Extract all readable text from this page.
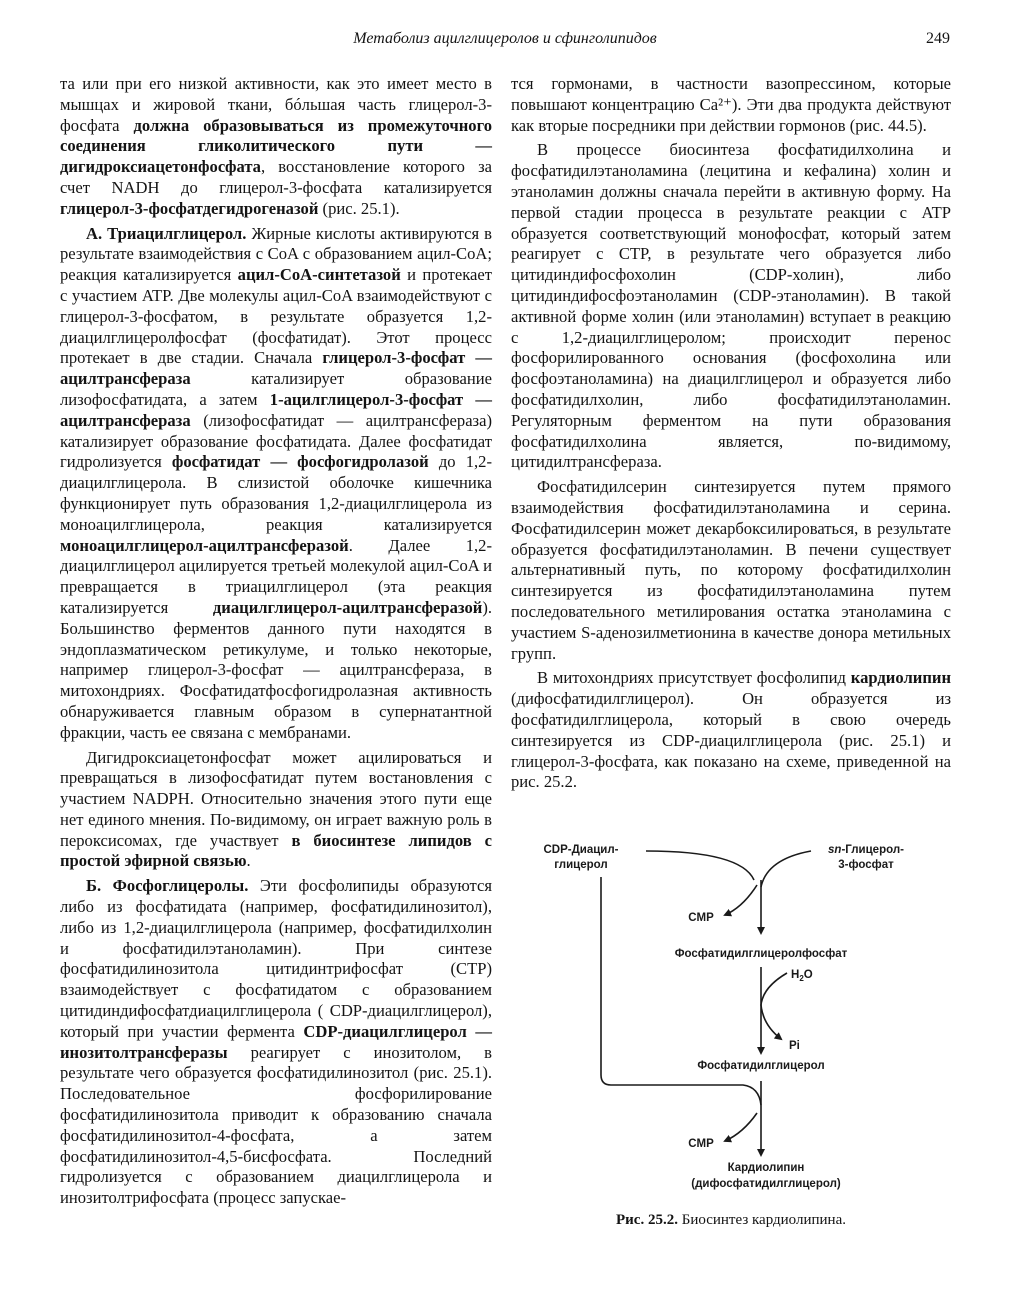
Метаболиз ацилглицеролов и сфинголипидов	249

та или при его низкой активности, как это имеет место в мышцах и жировой ткани, бóльшая часть глицерол-3-фосфата должна образовываться из промежуточного соединения гликолитического пути — дигидроксиацетонфосфата, восстановление которого за счет NADH до глицерол-3-фосфата катализируется глицерол-3-фосфатдегидрогеназой (рис. 25.1).

А. Триацилглицерол. Жирные кислоты активируются в результате взаимодействия с CoA с образованием ацил-CoA; реакция катализируется ацил-CoA-синтетазой и протекает с участием ATP. Две молекулы ацил-CoA взаимодействуют с глицерол-3-фосфатом, в результате образуется 1,2-диацилглицеролфосфат (фосфатидат). Этот процесс протекает в две стадии. Сначала глицерол-3-фосфат — ацилтрансфераза катализирует образование лизофосфатидата, а затем 1-ацилглицерол-3-фосфат — ацилтрансфераза (лизофосфатидат — ацилтрансфераза) катализирует образование фосфатидата. Далее фосфатидат гидролизуется фосфатидат — фосфогидролазой до 1,2-диацилглицерола. В слизистой оболочке кишечника функционирует путь образования 1,2-диацилглицерола из моноацилглицерола, реакция катализируется моноацилглицерол-ацилтрансферазой. Далее 1,2-диацилглицерол ацилируется третьей молекулой ацил-CoA и превращается в триацилглицерол (эта реакция катализируется диацилглицерол-ацилтрансферазой). Большинство ферментов данного пути находятся в эндоплазматическом ретикулуме, и только некоторые, например глицерол-3-фосфат — ацилтрансфераза, в митохондриях. Фосфатидатфосфогидролазная активность обнаруживается главным образом в супернатантной фракции, часть ее связана с мембранами.

Дигидроксиацетонфосфат может ацилироваться и превращаться в лизофосфатидат путем востановления с участием NADPH. Относительно значения этого пути еще нет единого мнения. По-видимому, он играет важную роль в пероксисомах, где участвует в биосинтезе липидов с простой эфирной связью.

Б. Фосфоглицеролы. Эти фосфолипиды образуются либо из фосфатидата (например, фосфатидилинозитол), либо из 1,2-диацилглицерола (например, фосфатидилхолин и фосфатидилэтаноламин). При синтезе фосфатидилинозитола цитидинтрифосфат (CTP) взаимодействует с фосфатидатом с образованием цитидиндифосфатдиацилглицерола ( CDP-диацилглицерол), который при участии фермента CDP-диацилглицерол — инозитолтрансферазы реагирует с инозитолом, в результате чего образуется фосфатидилинозитол (рис. 25.1). Последовательное фосфорилирование фосфатидилинозитола приводит к образованию сначала фосфатидилинозитол-4-фосфата, а затем фосфатидилинозитол-4,5-бисфосфата. Последний гидролизуется с образованием диацилглицерола и инозитолтрифосфата (процесс запускае-

тся гормонами, в частности вазопрессином, которые повышают концентрацию Ca²⁺). Эти два продукта действуют как вторые посредники при действии гормонов (рис. 44.5).

В процессе биосинтеза фосфатидилхолина и фосфатидилэтаноламина (лецитина и кефалина) холин и этаноламин должны сначала перейти в активную форму. На первой стадии процесса в результате реакции с ATP образуется соответствующий монофосфат, который затем реагирует с CTP, в результате чего образуется либо цитидиндифосфохолин (CDP-холин), либо цитидиндифосфоэтаноламин (CDP-этаноламин). В такой активной форме холин (или этаноламин) вступает в реакцию с 1,2-диацилглицеролом; происходит перенос фосфорилированного основания (фосфохолина или фосфоэтаноламина) на диацилглицерол и образуется либо фосфатидилхолин, либо фосфатидилэтаноламин. Регуляторным ферментом на пути образования фосфатидилхолина является, по-видимому, цитидилтрансфераза.

Фосфатидилсерин синтезируется путем прямого взаимодействия фосфатидилэтаноламина и серина. Фосфатидилсерин может декарбоксилироваться, в результате образуется фосфатидилэтаноламин. В печени существует альтернативный путь, по которому фосфатидилхолин синтезируется из фосфатидилэтаноламина путем последовательного метилирования остатка этаноламина с участием S-аденозилметионина в качестве донора метильных групп.

В митохондриях присутствует фосфолипид кардиолипин (дифосфатидилглицерол). Он образуется из фосфатидилглицерола, который в свою очередь синтезируется из CDP-диацилглицерола (рис. 25.1) и глицерол-3-фосфата, как показано на схеме, приведенной на рис. 25.2.

CDP-Диацил-
глицерол
sn-Глицерол-
3-фосфат
CMP
Фосфатидилглицеролфосфат
$H_2O$
Pi
Фосфатидилглицерол
CMP
Кардиолипин
(дифосфатидилглицерол)
Рис. 25.2. Биосинтез кардиолипина.
